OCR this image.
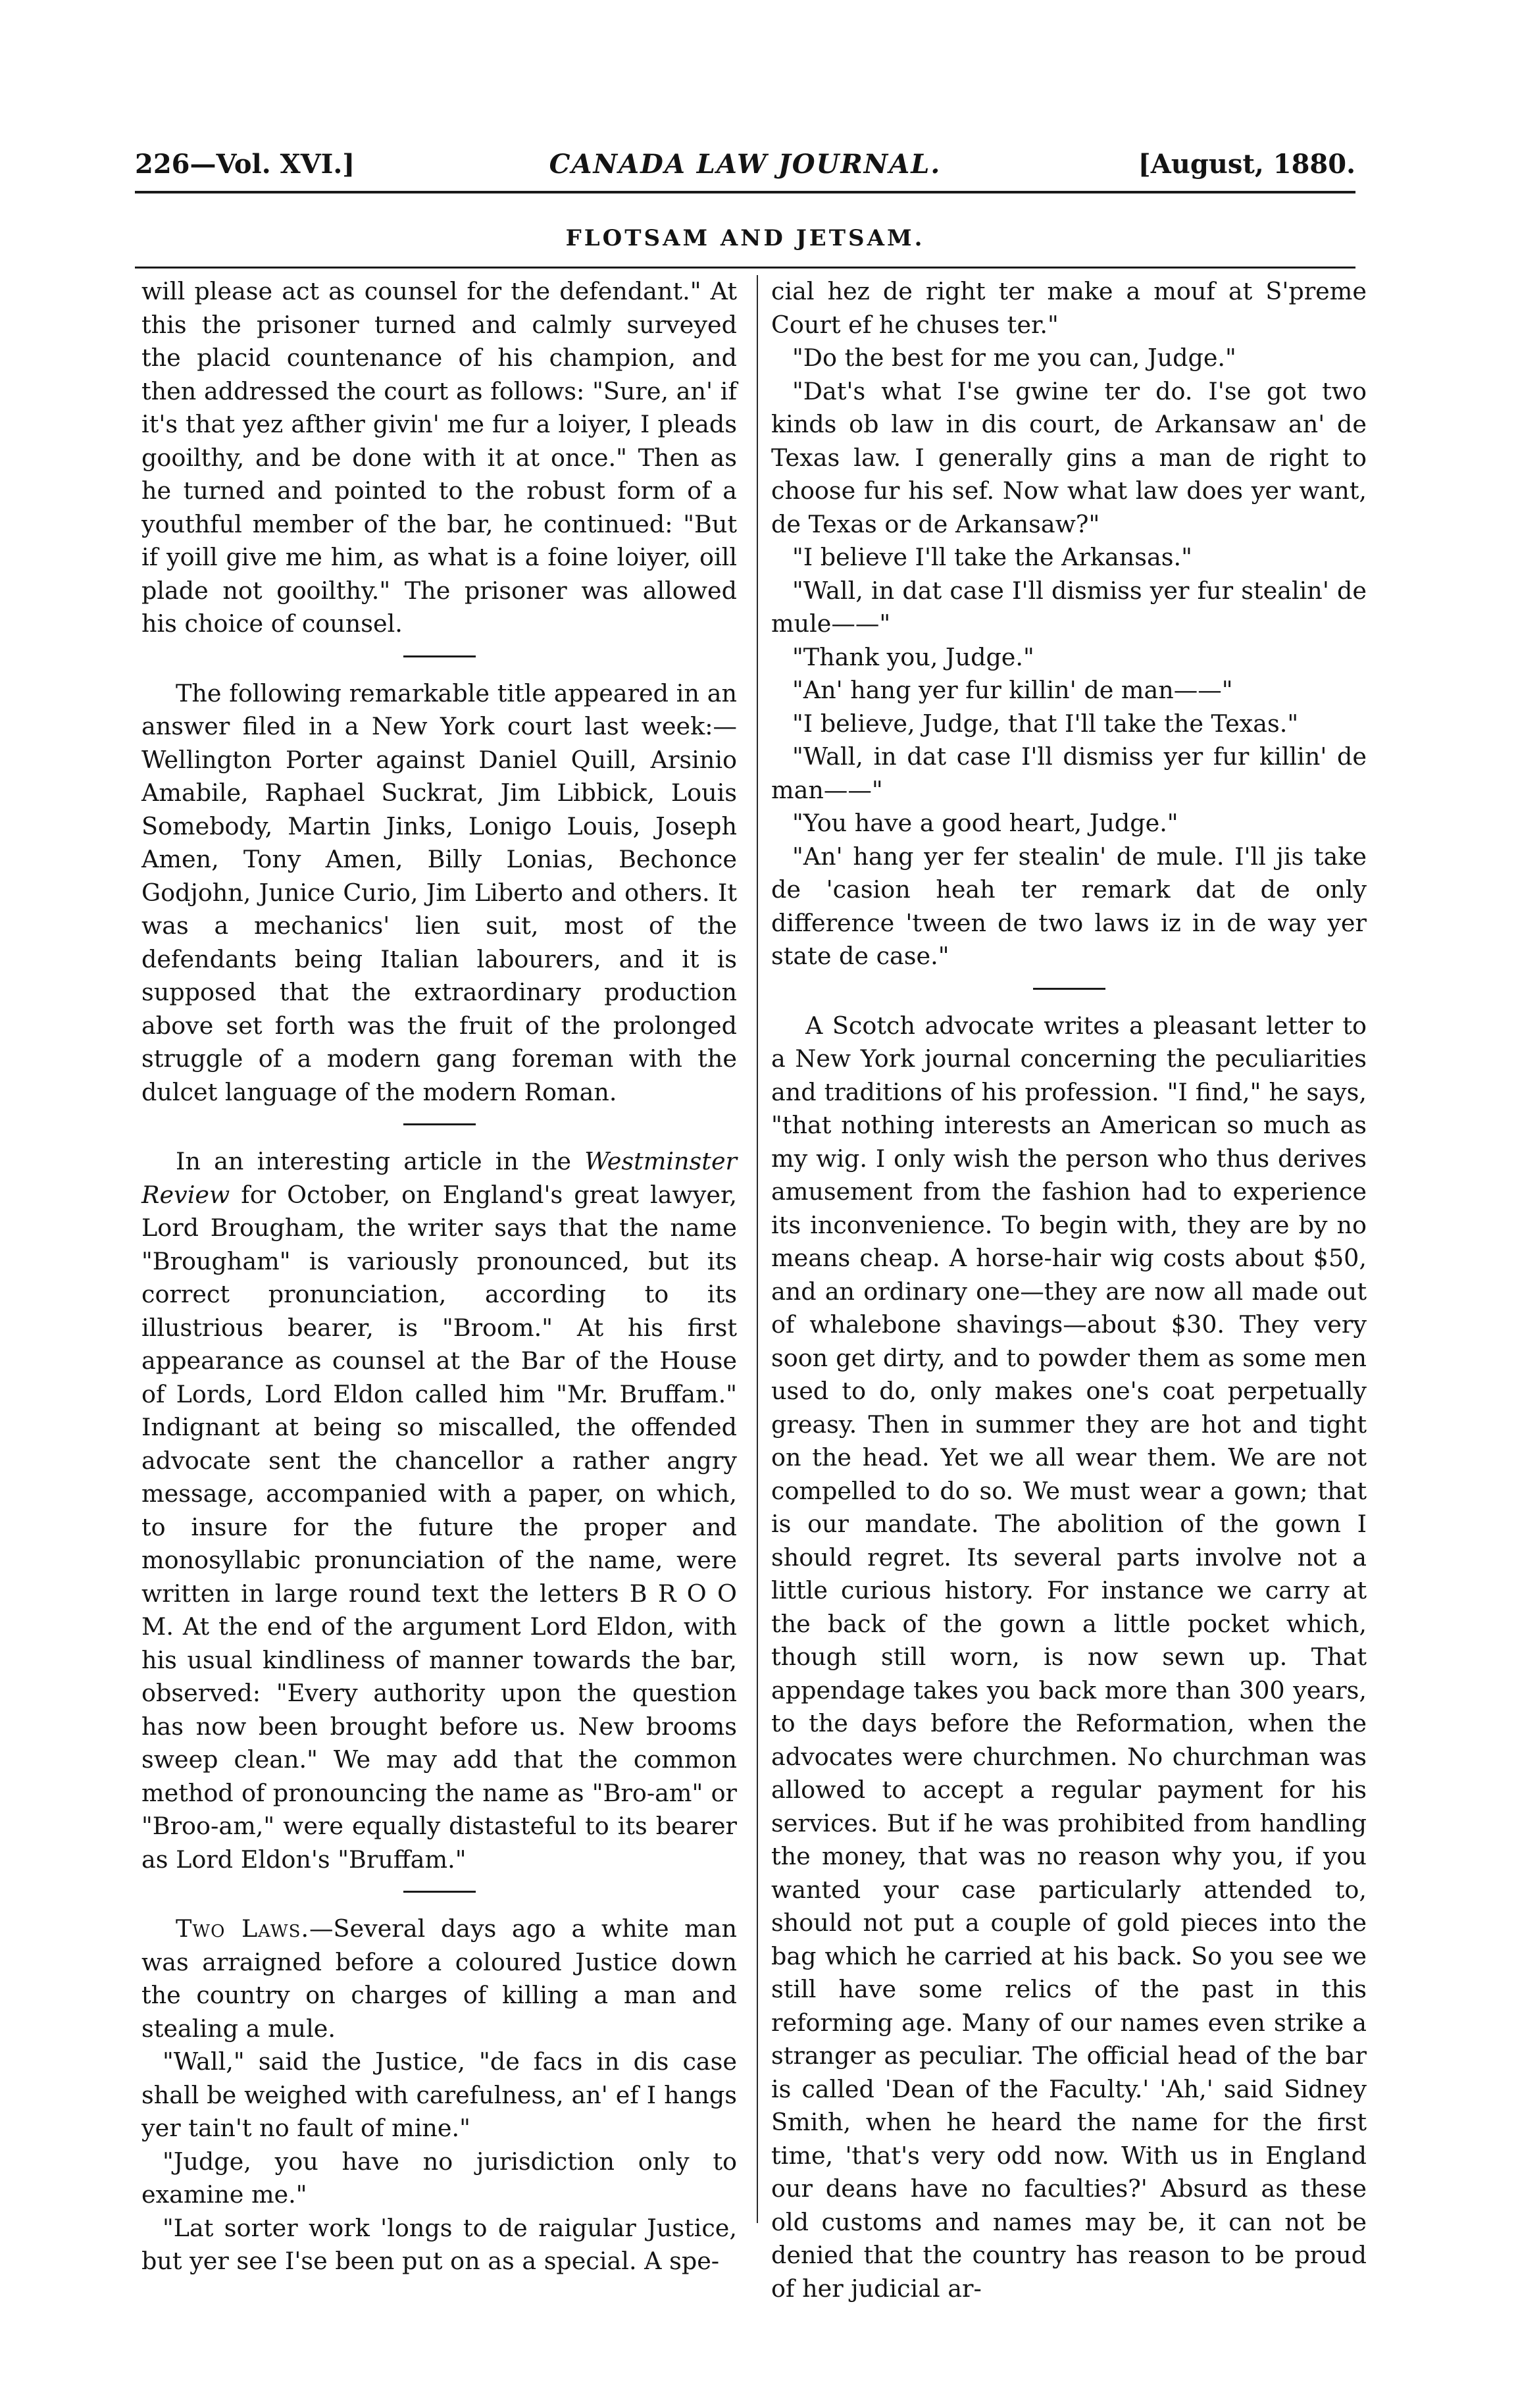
226—Vol. XVI.]	CANADA LAW JOURNAL.	[August, 1880.
FLOTSAM AND JETSAM.

will please act as counsel for the defendant." At this the prisoner turned and calmly surveyed the placid countenance of his champion, and then addressed the court as follows: "Sure, an' if it's that yez afther givin' me fur a loiyer, I pleads gooilthy, and be done with it at once." Then as he turned and pointed to the robust form of a youthful member of the bar, he continued: "But if yoill give me him, as what is a foine loiyer, oill plade not gooilthy." The prisoner was allowed his choice of counsel.

The following remarkable title appeared in an answer filed in a New York court last week:—Wellington Porter against Daniel Quill, Arsinio Amabile, Raphael Suckrat, Jim Libbick, Louis Somebody, Martin Jinks, Lonigo Louis, Joseph Amen, Tony Amen, Billy Lonias, Bechonce Godjohn, Junice Curio, Jim Liberto and others. It was a mechanics' lien suit, most of the defendants being Italian labourers, and it is supposed that the extraordinary production above set forth was the fruit of the prolonged struggle of a modern gang foreman with the dulcet language of the modern Roman.

In an interesting article in the Westminster Review for October, on England's great lawyer, Lord Brougham, the writer says that the name "Brougham" is variously pronounced, but its correct pronunciation, according to its illustrious bearer, is "Broom." At his first appearance as counsel at the Bar of the House of Lords, Lord Eldon called him "Mr. Bruffam." Indignant at being so miscalled, the offended advocate sent the chancellor a rather angry message, accompanied with a paper, on which, to insure for the future the proper and monosyllabic pronunciation of the name, were written in large round text the letters B R O O M. At the end of the argument Lord Eldon, with his usual kindliness of manner towards the bar, observed: "Every authority upon the question has now been brought before us. New brooms sweep clean." We may add that the common method of pronouncing the name as "Bro-am" or "Broo-am," were equally distasteful to its bearer as Lord Eldon's "Bruffam."

Two Laws.—Several days ago a white man was arraigned before a coloured Justice down the country on charges of killing a man and stealing a mule.

"Wall," said the Justice, "de facs in dis case shall be weighed with carefulness, an' ef I hangs yer tain't no fault of mine."

"Judge, you have no jurisdiction only to examine me."

"Lat sorter work 'longs to de raigular Justice, but yer see I'se been put on as a special. A spe-

cial hez de right ter make a mouf at S'preme Court ef he chuses ter."

"Do the best for me you can, Judge."

"Dat's what I'se gwine ter do. I'se got two kinds ob law in dis court, de Arkansaw an' de Texas law. I generally gins a man de right to choose fur his sef. Now what law does yer want, de Texas or de Arkansaw?"

"I believe I'll take the Arkansas."

"Wall, in dat case I'll dismiss yer fur stealin' de mule——"

"Thank you, Judge."

"An' hang yer fur killin' de man——"

"I believe, Judge, that I'll take the Texas."

"Wall, in dat case I'll dismiss yer fur killin' de man——"

"You have a good heart, Judge."

"An' hang yer fer stealin' de mule. I'll jis take de 'casion heah ter remark dat de only difference 'tween de two laws iz in de way yer state de case."

A Scotch advocate writes a pleasant letter to a New York journal concerning the peculiarities and traditions of his profession. "I find," he says, "that nothing interests an American so much as my wig. I only wish the person who thus derives amusement from the fashion had to experience its inconvenience. To begin with, they are by no means cheap. A horse-hair wig costs about $50, and an ordinary one—they are now all made out of whalebone shavings—about $30. They very soon get dirty, and to powder them as some men used to do, only makes one's coat perpetually greasy. Then in summer they are hot and tight on the head. Yet we all wear them. We are not compelled to do so. We must wear a gown; that is our mandate. The abolition of the gown I should regret. Its several parts involve not a little curious history. For instance we carry at the back of the gown a little pocket which, though still worn, is now sewn up. That appendage takes you back more than 300 years, to the days before the Reformation, when the advocates were churchmen. No churchman was allowed to accept a regular payment for his services. But if he was prohibited from handling the money, that was no reason why you, if you wanted your case particularly attended to, should not put a couple of gold pieces into the bag which he carried at his back. So you see we still have some relics of the past in this reforming age. Many of our names even strike a stranger as peculiar. The official head of the bar is called 'Dean of the Faculty.' 'Ah,' said Sidney Smith, when he heard the name for the first time, 'that's very odd now. With us in England our deans have no faculties?' Absurd as these old customs and names may be, it can not be denied that the country has reason to be proud of her judicial ar-
